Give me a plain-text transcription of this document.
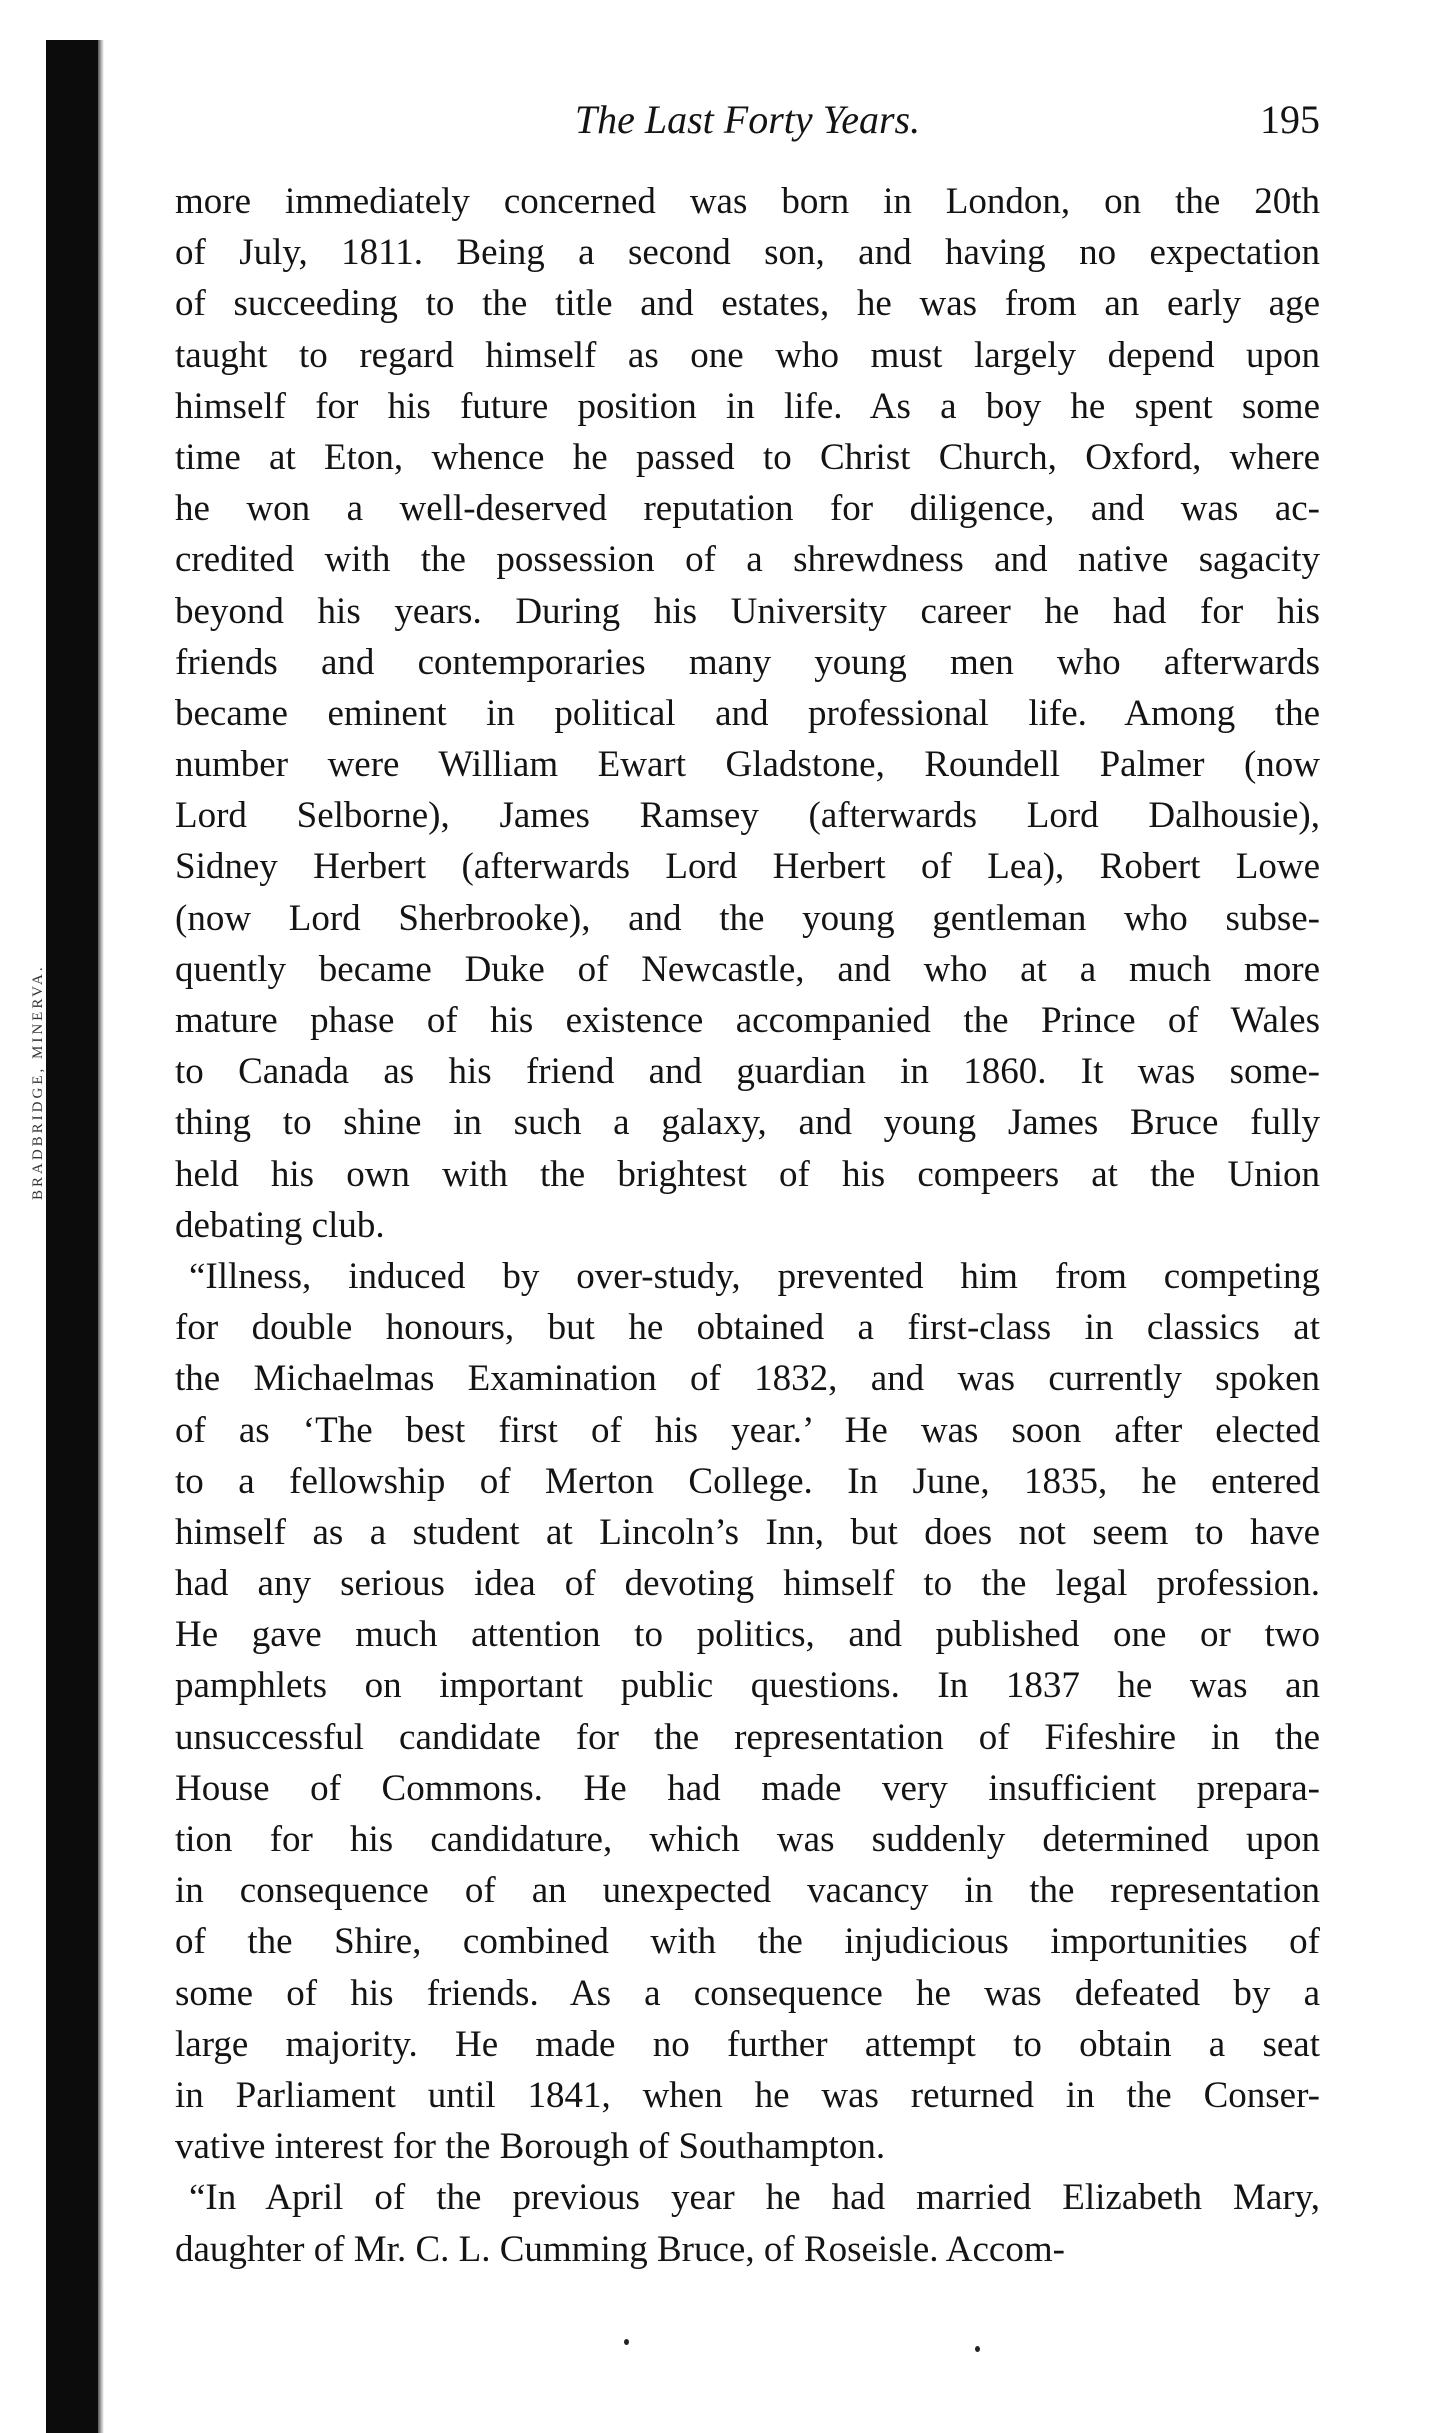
BRADBRIDGE, MINERVA.
The Last Forty Years.	195
more immediately concerned was born in London, on the 20th
of July, 1811. Being a second son, and having no expectation
of succeeding to the title and estates, he was from an early age
taught to regard himself as one who must largely depend upon
himself for his future position in life. As a boy he spent some
time at Eton, whence he passed to Christ Church, Oxford, where
he won a well-deserved reputation for diligence, and was ac-
credited with the possession of a shrewdness and native sagacity
beyond his years. During his University career he had for his
friends and contemporaries many young men who afterwards
became eminent in political and professional life. Among the
number were William Ewart Gladstone, Roundell Palmer (now
Lord Selborne), James Ramsey (afterwards Lord Dalhousie),
Sidney Herbert (afterwards Lord Herbert of Lea), Robert Lowe
(now Lord Sherbrooke), and the young gentleman who subse-
quently became Duke of Newcastle, and who at a much more
mature phase of his existence accompanied the Prince of Wales
to Canada as his friend and guardian in 1860. It was some-
thing to shine in such a galaxy, and young James Bruce fully
held his own with the brightest of his compeers at the Union
debating club.
“Illness, induced by over-study, prevented him from competing
for double honours, but he obtained a first-class in classics at
the Michaelmas Examination of 1832, and was currently spoken
of as ‘The best first of his year.’ He was soon after elected
to a fellowship of Merton College. In June, 1835, he entered
himself as a student at Lincoln’s Inn, but does not seem to have
had any serious idea of devoting himself to the legal profession.
He gave much attention to politics, and published one or two
pamphlets on important public questions. In 1837 he was an
unsuccessful candidate for the representation of Fifeshire in the
House of Commons. He had made very insufficient prepara-
tion for his candidature, which was suddenly determined upon
in consequence of an unexpected vacancy in the representation
of the Shire, combined with the injudicious importunities of
some of his friends. As a consequence he was defeated by a
large majority. He made no further attempt to obtain a seat
in Parliament until 1841, when he was returned in the Conser-
vative interest for the Borough of Southampton.
“In April of the previous year he had married Elizabeth Mary,
daughter of Mr. C. L. Cumming Bruce, of Roseisle. Accom-
